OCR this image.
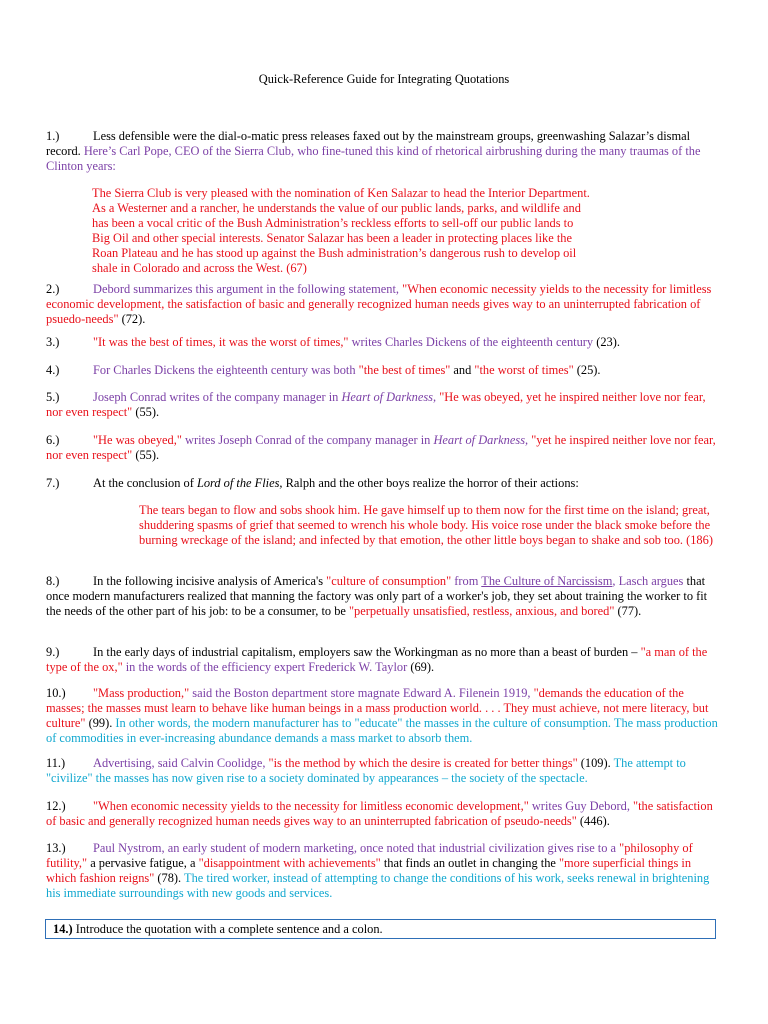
Quick-Reference Guide for Integrating Quotations

1.)	Less defensible were the dial-o-matic press releases faxed out by the mainstream groups, greenwashing Salazar’s dismal record. Here’s Carl Pope, CEO of the Sierra Club, who fine-tuned this kind of rhetorical airbrushing during the many traumas of the Clinton years:

The Sierra Club is very pleased with the nomination of Ken Salazar to head the Interior Department. As a Westerner and a rancher, he understands the value of our public lands, parks, and wildlife and has been a vocal critic of the Bush Administration’s reckless efforts to sell-off our public lands to Big Oil and other special interests. Senator Salazar has been a leader in protecting places like the Roan Plateau and he has stood up against the Bush administration’s dangerous rush to develop oil shale in Colorado and across the West. (67)

2.)	Debord summarizes this argument in the following statement, "When economic necessity yields to the necessity for limitless economic development, the satisfaction of basic and generally recognized human needs gives way to an uninterrupted fabrication of psuedo-needs" (72).

3.)	"It was the best of times, it was the worst of times," writes Charles Dickens of the eighteenth century (23).

4.)	For Charles Dickens the eighteenth century was both "the best of times" and "the worst of times" (25).

5.)	Joseph Conrad writes of the company manager in Heart of Darkness, "He was obeyed, yet he inspired neither love nor fear, nor even respect" (55).

6.)	"He was obeyed," writes Joseph Conrad of the company manager in Heart of Darkness, "yet he inspired neither love nor fear, nor even respect" (55).

7.)	At the conclusion of Lord of the Flies, Ralph and the other boys realize the horror of their actions:

The tears began to flow and sobs shook him. He gave himself up to them now for the first time on the island; great, shuddering spasms of grief that seemed to wrench his whole body. His voice rose under the black smoke before the burning wreckage of the island; and infected by that emotion, the other little boys began to shake and sob too. (186)

8.)	In the following incisive analysis of America's "culture of consumption" from The Culture of Narcissism, Lasch argues that once modern manufacturers realized that manning the factory was only part of a worker's job, they set about training the worker to fit the needs of the other part of his job: to be a consumer, to be "perpetually unsatisfied, restless, anxious, and bored" (77).

9.)	In the early days of industrial capitalism, employers saw the Workingman as no more than a beast of burden – "a man of the type of the ox," in the words of the efficiency expert Frederick W. Taylor (69).

10.) "Mass production," said the Boston department store magnate Edward A. Filenein 1919, "demands the education of the masses; the masses must learn to behave like human beings in a mass production world. . . . They must achieve, not mere literacy, but culture" (99). In other words, the modern manufacturer has to "educate" the masses in the culture of consumption. The mass production of commodities in ever-increasing abundance demands a mass market to absorb them.

11.) Advertising, said Calvin Coolidge, "is the method by which the desire is created for better things" (109). The attempt to "civilize" the masses has now given rise to a society dominated by appearances – the society of the spectacle.

12.) "When economic necessity yields to the necessity for limitless economic development," writes Guy Debord, "the satisfaction of basic and generally recognized human needs gives way to an uninterrupted fabrication of pseudo-needs" (446).

13.) Paul Nystrom, an early student of modern marketing, once noted that industrial civilization gives rise to a "philosophy of futility," a pervasive fatigue, a "disappointment with achievements" that finds an outlet in changing the "more superficial things in which fashion reigns" (78). The tired worker, instead of attempting to change the conditions of his work, seeks renewal in brightening his immediate surroundings with new goods and services.

14.) Introduce the quotation with a complete sentence and a colon.
